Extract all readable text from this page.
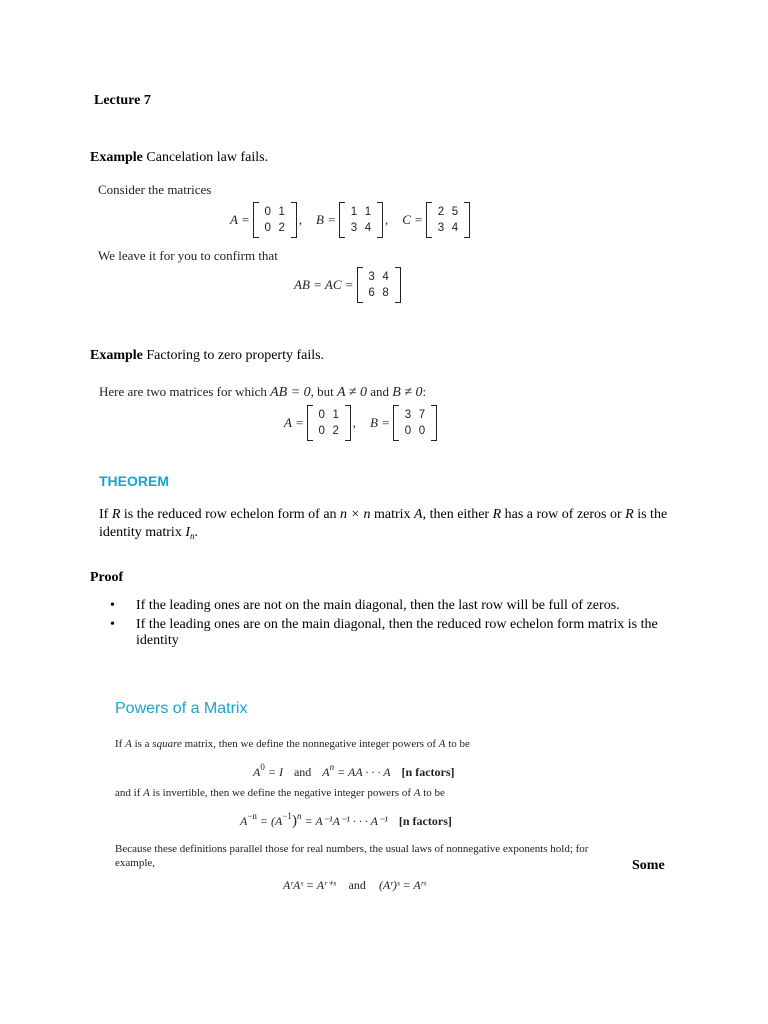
Lecture 7
Example Cancelation law fails.
Consider the matrices
A =
0 1
0 2
, B =
1 1
3 4
, C =
2 5
3 4
We leave it for you to confirm that
AB = AC =
3 4
6 8
Example Factoring to zero property fails.
Here are two matrices for which AB = 0, but A ≠ 0 and B ≠ 0:
A =
0 1
0 2
, B =
3 7
0 0
THEOREM
If R is the reduced row echelon form of an n × n matrix A, then either R has a row of zeros or R is the
identity matrix $I_n$.
Proof
• If the leading ones are not on the main diagonal, then the last row will be full of zeros.
• If the leading ones are on the main diagonal, then the reduced row echelon form matrix is the
identity
Powers of a Matrix
If A is a square matrix, then we define the nonnegative integer powers of A to be
$A^0 = I$ and $A^n$ = AA · · · A [n factors]
and if A is invertible, then we define the negative integer powers of A to be
$A^{-n} = (A^{-1})^n = A^{-1}A^{-1}$ · · · A⁻¹ [n factors]
Because these definitions parallel those for real numbers, the usual laws of nonnegative exponents hold; for
example,	Some
AʳAˢ = Aʳ⁺ˢ and (Aʳ)ˢ = Aʳˢ
